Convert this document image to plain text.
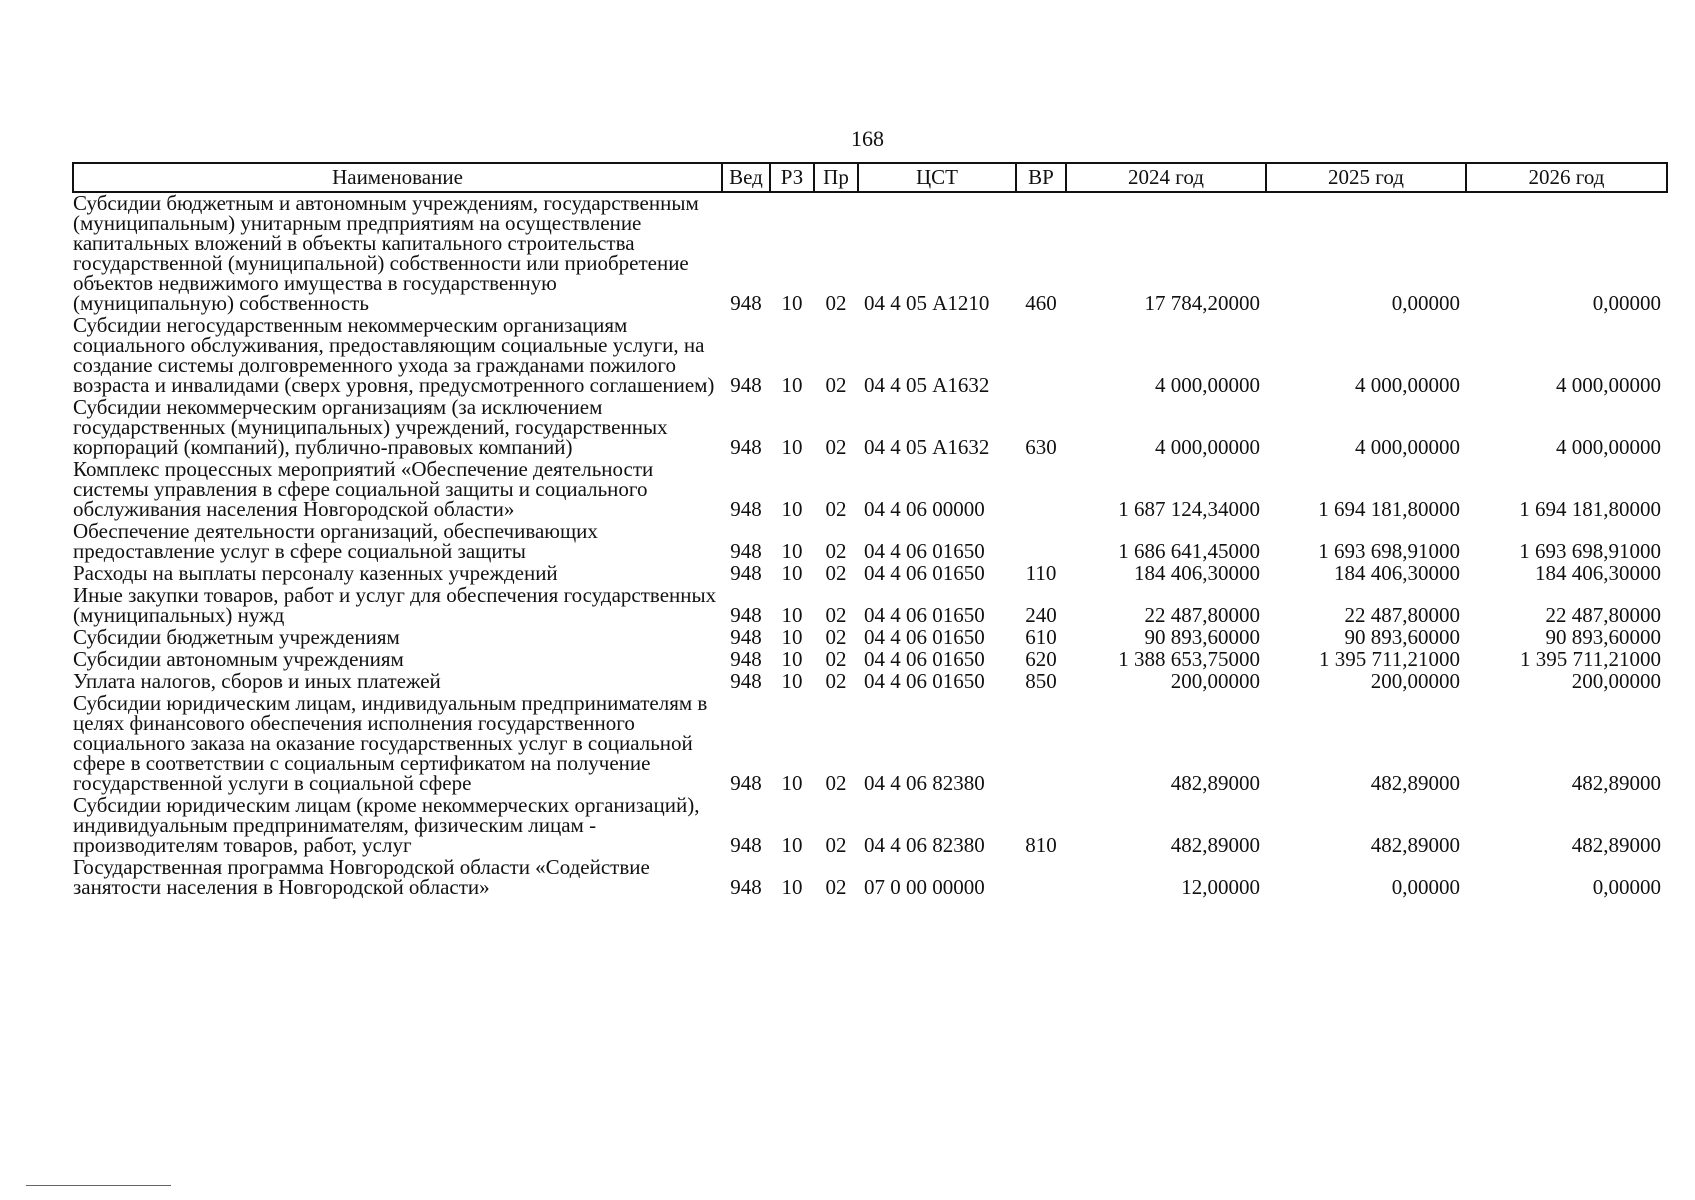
168
Наименование	Вед	РЗ	Пр	ЦСТ	ВР	2024 год	2025 год	2026 год
Субсидии бюджетным и автономным учреждениям, государственным (муниципальным) унитарным предприятиям на осуществление капитальных вложений в объекты капитального строительства государственной (муниципальной) собственности или приобретение объектов недвижимого имущества в государственную (муниципальную) собственность	948	10	02	04 4 05 А1210	460	17 784,20000	0,00000	0,00000
Субсидии негосударственным некоммерческим организациям социального обслуживания, предоставляющим социальные услуги, на создание системы долговременного ухода за гражданами пожилого возраста и инвалидами (сверх уровня, предусмотренного соглашением)	948	10	02	04 4 05 А1632		4 000,00000	4 000,00000	4 000,00000
Субсидии некоммерческим организациям (за исключением государственных (муниципальных) учреждений, государственных корпораций (компаний), публично-правовых компаний)	948	10	02	04 4 05 А1632	630	4 000,00000	4 000,00000	4 000,00000
Комплекс процессных мероприятий «Обеспечение деятельности системы управления в сфере социальной защиты и социального обслуживания населения Новгородской области»	948	10	02	04 4 06 00000		1 687 124,34000	1 694 181,80000	1 694 181,80000
Обеспечение деятельности организаций, обеспечивающих предоставление услуг в сфере социальной защиты	948	10	02	04 4 06 01650		1 686 641,45000	1 693 698,91000	1 693 698,91000
Расходы на выплаты персоналу казенных учреждений	948	10	02	04 4 06 01650	110	184 406,30000	184 406,30000	184 406,30000
Иные закупки товаров, работ и услуг для обеспечения государственных (муниципальных) нужд	948	10	02	04 4 06 01650	240	22 487,80000	22 487,80000	22 487,80000
Субсидии бюджетным учреждениям	948	10	02	04 4 06 01650	610	90 893,60000	90 893,60000	90 893,60000
Субсидии автономным учреждениям	948	10	02	04 4 06 01650	620	1 388 653,75000	1 395 711,21000	1 395 711,21000
Уплата налогов, сборов и иных платежей	948	10	02	04 4 06 01650	850	200,00000	200,00000	200,00000
Субсидии юридическим лицам, индивидуальным предпринимателям в целях финансового обеспечения исполнения государственного социального заказа на оказание государственных услуг в социальной сфере в соответствии с социальным сертификатом на получение государственной услуги в социальной сфере	948	10	02	04 4 06 82380		482,89000	482,89000	482,89000
Субсидии юридическим лицам (кроме некоммерческих организаций), индивидуальным предпринимателям, физическим лицам - производителям товаров, работ, услуг	948	10	02	04 4 06 82380	810	482,89000	482,89000	482,89000
Государственная программа Новгородской области «Содействие занятости населения в Новгородской области»	948	10	02	07 0 00 00000		12,00000	0,00000	0,00000
